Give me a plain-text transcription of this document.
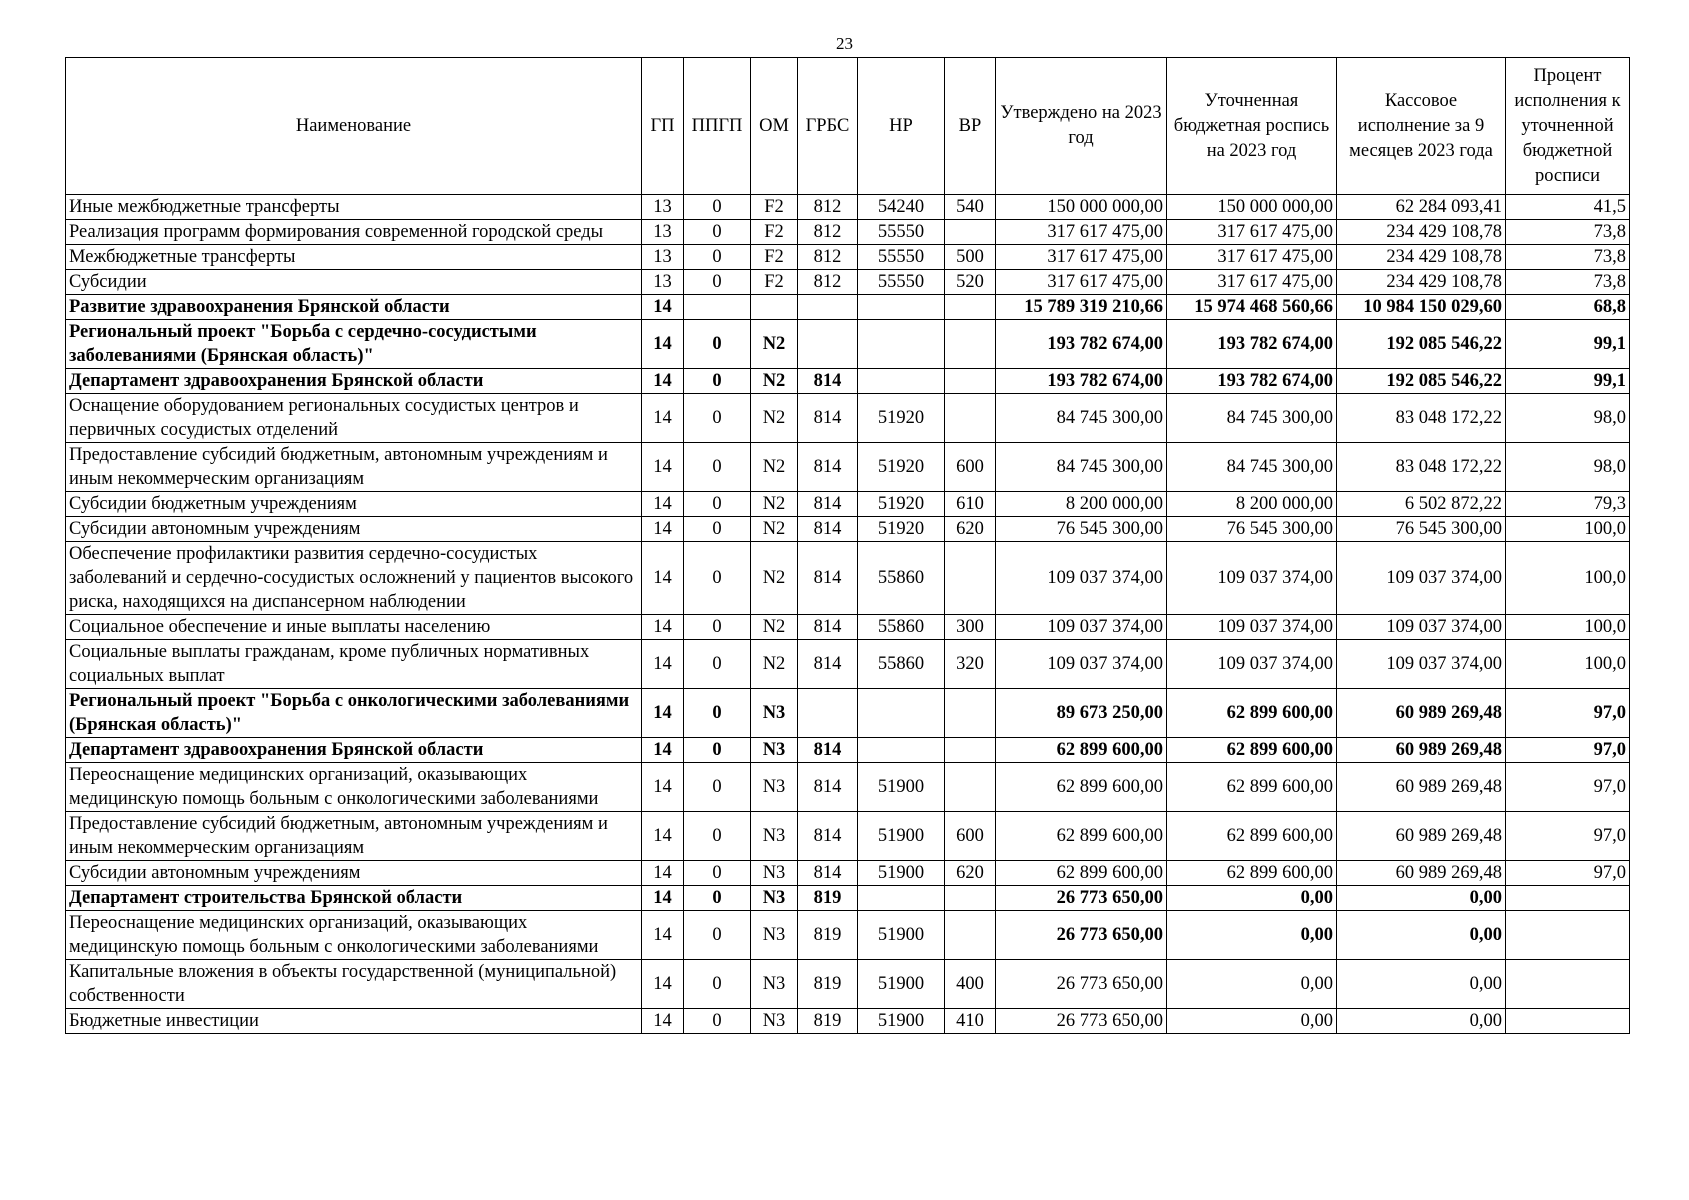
23
Наименование	ГП	ППГП	ОМ	ГРБС	НР	ВР	Утверждено на 2023 год	Уточненная бюджетная роспись на 2023 год	Кассовое исполнение за 9 месяцев 2023 года	Процент исполнения к уточненной бюджетной росписи
Иные межбюджетные трансферты	13	0	F2	812	54240	540	150 000 000,00	150 000 000,00	62 284 093,41	41,5
Реализация программ формирования современной городской среды	13	0	F2	812	55550		317 617 475,00	317 617 475,00	234 429 108,78	73,8
Межбюджетные трансферты	13	0	F2	812	55550	500	317 617 475,00	317 617 475,00	234 429 108,78	73,8
Субсидии	13	0	F2	812	55550	520	317 617 475,00	317 617 475,00	234 429 108,78	73,8
Развитие здравоохранения Брянской области	14						15 789 319 210,66	15 974 468 560,66	10 984 150 029,60	68,8
Региональный проект "Борьба с сердечно-сосудистыми заболеваниями (Брянская область)"	14	0	N2				193 782 674,00	193 782 674,00	192 085 546,22	99,1
Департамент здравоохранения Брянской области	14	0	N2	814			193 782 674,00	193 782 674,00	192 085 546,22	99,1
Оснащение оборудованием региональных сосудистых центров и первичных сосудистых отделений	14	0	N2	814	51920		84 745 300,00	84 745 300,00	83 048 172,22	98,0
Предоставление субсидий бюджетным, автономным учреждениям и иным некоммерческим организациям	14	0	N2	814	51920	600	84 745 300,00	84 745 300,00	83 048 172,22	98,0
Субсидии бюджетным учреждениям	14	0	N2	814	51920	610	8 200 000,00	8 200 000,00	6 502 872,22	79,3
Субсидии автономным учреждениям	14	0	N2	814	51920	620	76 545 300,00	76 545 300,00	76 545 300,00	100,0
Обеспечение профилактики развития сердечно-сосудистых заболеваний и сердечно-сосудистых осложнений у пациентов высокого риска, находящихся на диспансерном наблюдении	14	0	N2	814	55860		109 037 374,00	109 037 374,00	109 037 374,00	100,0
Социальное обеспечение и иные выплаты населению	14	0	N2	814	55860	300	109 037 374,00	109 037 374,00	109 037 374,00	100,0
Социальные выплаты гражданам, кроме публичных нормативных социальных выплат	14	0	N2	814	55860	320	109 037 374,00	109 037 374,00	109 037 374,00	100,0
Региональный проект "Борьба с онкологическими заболеваниями (Брянская область)"	14	0	N3				89 673 250,00	62 899 600,00	60 989 269,48	97,0
Департамент здравоохранения Брянской области	14	0	N3	814			62 899 600,00	62 899 600,00	60 989 269,48	97,0
Переоснащение медицинских организаций, оказывающих медицинскую помощь больным с онкологическими заболеваниями	14	0	N3	814	51900		62 899 600,00	62 899 600,00	60 989 269,48	97,0
Предоставление субсидий бюджетным, автономным учреждениям и иным некоммерческим организациям	14	0	N3	814	51900	600	62 899 600,00	62 899 600,00	60 989 269,48	97,0
Субсидии автономным учреждениям	14	0	N3	814	51900	620	62 899 600,00	62 899 600,00	60 989 269,48	97,0
Департамент строительства Брянской области	14	0	N3	819			26 773 650,00	0,00	0,00	
Переоснащение медицинских организаций, оказывающих медицинскую помощь больным с онкологическими заболеваниями	14	0	N3	819	51900		26 773 650,00	0,00	0,00	
Капитальные вложения в объекты государственной (муниципальной) собственности	14	0	N3	819	51900	400	26 773 650,00	0,00	0,00	
Бюджетные инвестиции	14	0	N3	819	51900	410	26 773 650,00	0,00	0,00	
